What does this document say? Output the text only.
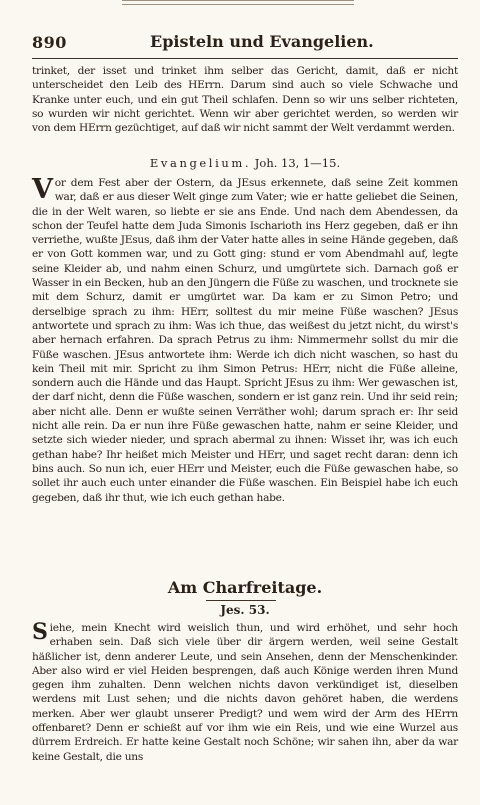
890	Episteln und Evangelien.
trinket, der isset und trinket ihm selber das Gericht, damit, daß er nicht unterscheidet den Leib des HErrn. Darum sind auch so viele Schwache und Kranke unter euch, und ein gut Theil schlafen. Denn so wir uns selber richteten, so wurden wir nicht gerichtet. Wenn wir aber gerichtet werden, so werden wir von dem HErrn gezüchtiget, auf daß wir nicht sammt der Welt verdammt werden.
Evangelium. Joh. 13, 1—15.
V or dem Fest aber der Ostern, da JEsus erkennete, daß seine Zeit kommen war, daß er aus dieser Welt ginge zum Vater; wie er hatte geliebet die Seinen, die in der Welt waren, so liebte er sie ans Ende. Und nach dem Abendessen, da schon der Teufel hatte dem Juda Simonis Ischarioth ins Herz gegeben, daß er ihn verriethe, wußte JEsus, daß ihm der Vater hatte alles in seine Hände gegeben, daß er von Gott kommen war, und zu Gott ging: stund er vom Abendmahl auf, legte seine Kleider ab, und nahm einen Schurz, und umgürtete sich. Darnach goß er Wasser in ein Becken, hub an den Jüngern die Füße zu waschen, und trocknete sie mit dem Schurz, damit er umgürtet war. Da kam er zu Simon Petro; und derselbige sprach zu ihm: HErr, solltest du mir meine Füße waschen? JEsus antwortete und sprach zu ihm: Was ich thue, das weißest du jetzt nicht, du wirst's aber hernach erfahren. Da sprach Petrus zu ihm: Nimmermehr sollst du mir die Füße waschen. JEsus antwortete ihm: Werde ich dich nicht waschen, so hast du kein Theil mit mir. Spricht zu ihm Simon Petrus: HErr, nicht die Füße alleine, sondern auch die Hände und das Haupt. Spricht JEsus zu ihm: Wer gewaschen ist, der darf nicht, denn die Füße waschen, sondern er ist ganz rein. Und ihr seid rein; aber nicht alle. Denn er wußte seinen Verräther wohl; darum sprach er: Ihr seid nicht alle rein. Da er nun ihre Füße gewaschen hatte, nahm er seine Kleider, und setzte sich wieder nieder, und sprach abermal zu ihnen: Wisset ihr, was ich euch gethan habe? Ihr heißet mich Meister und HErr, und saget recht daran: denn ich bins auch. So nun ich, euer HErr und Meister, euch die Füße gewaschen habe, so sollet ihr auch euch unter einander die Füße waschen. Ein Beispiel habe ich euch gegeben, daß ihr thut, wie ich euch gethan habe.
Am Charfreitage.
Jes. 53.
S iehe, mein Knecht wird weislich thun, und wird erhöhet, und sehr hoch erhaben sein. Daß sich viele über dir ärgern werden, weil seine Gestalt häßlicher ist, denn anderer Leute, und sein Ansehen, denn der Menschenkinder. Aber also wird er viel Heiden besprengen, daß auch Könige werden ihren Mund gegen ihm zuhalten. Denn welchen nichts davon verkündiget ist, dieselben werdens mit Lust sehen; und die nichts davon gehöret haben, die werdens merken. Aber wer glaubt unserer Predigt? und wem wird der Arm des HErrn offenbaret? Denn er schießt auf vor ihm wie ein Reis, und wie eine Wurzel aus dürrem Erdreich. Er hatte keine Gestalt noch Schöne; wir sahen ihn, aber da war keine Gestalt, die uns
